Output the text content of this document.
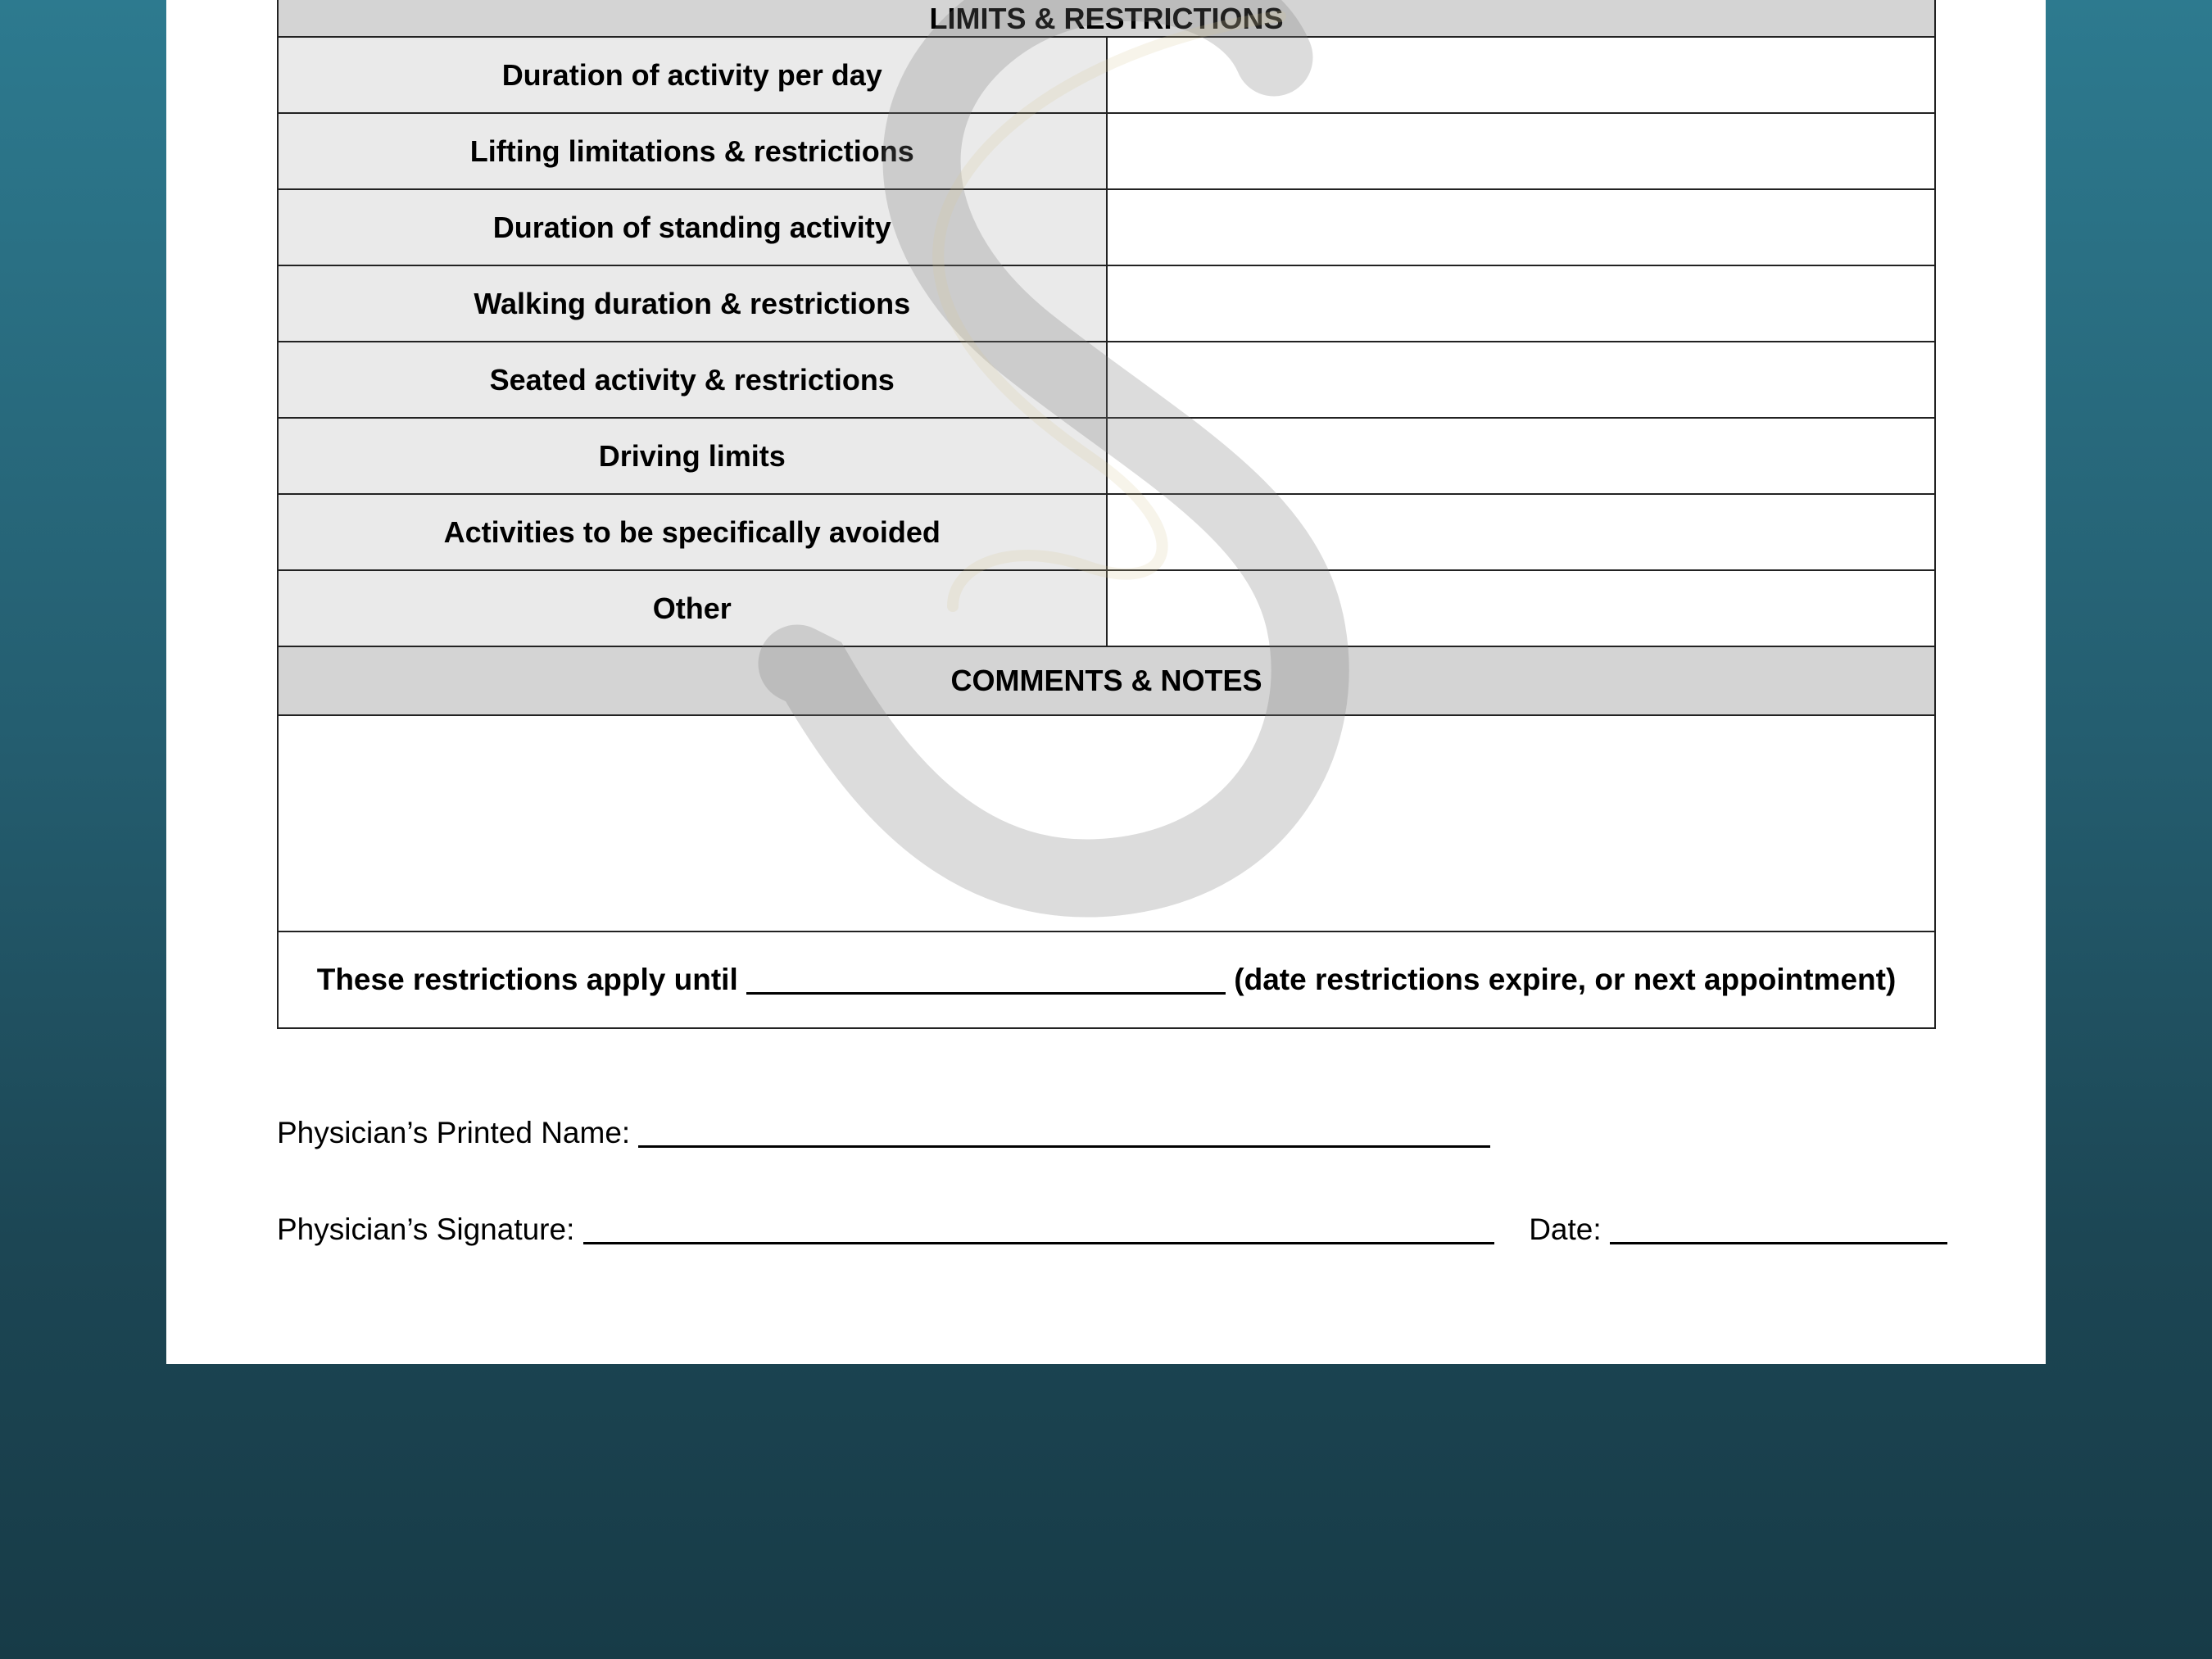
LIMITS & RESTRICTIONS	
Duration of activity per day	
Lifting limitations & restrictions	
Duration of standing activity	
Walking duration & restrictions	
Seated activity & restrictions	
Driving limits	
Activities to be specifically avoided	
Other	
COMMENTS & NOTES	

These restrictions apply until (date restrictions expire, or next appointment)	
Physician’s Printed Name:
Physician’s Signature:	Date:
